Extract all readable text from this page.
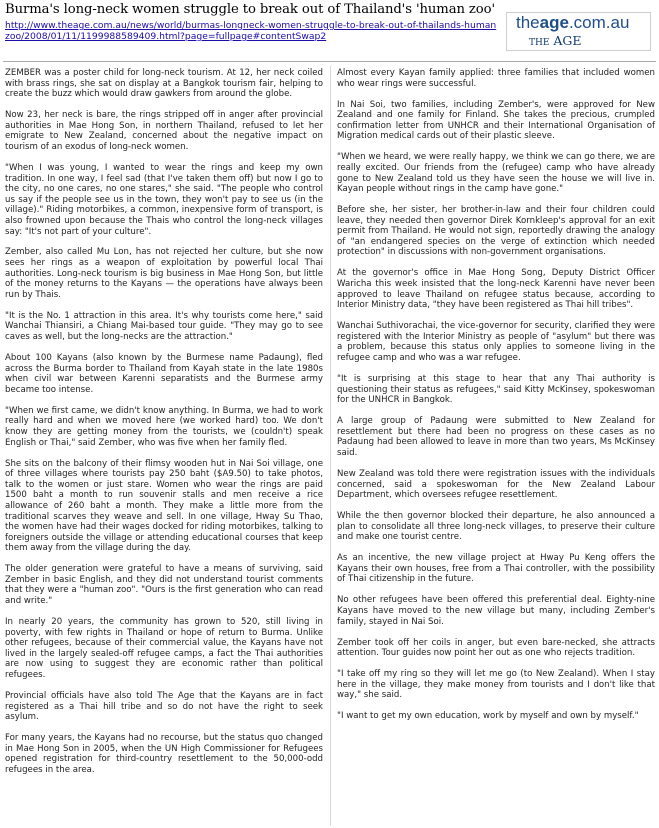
Burma's long-neck women struggle to break out of Thailand's 'human zoo'
http://www.theage.com.au/news/world/burmas-longneck-women-struggle-to-break-out-of-thailands-humanzoo/2008/01/11/1199988589409.html?page=fullpage#contentSwap2
theage.com.au
THE AGE

ZEMBER was a poster child for long-neck tourism. At 12, her neck coiled with brass rings, she sat on display at a Bangkok tourism fair, helping to create the buzz which would draw gawkers from around the globe.

Now 23, her neck is bare, the rings stripped off in anger after provincial authorities in Mae Hong Son, in northern Thailand, refused to let her emigrate to New Zealand, concerned about the negative impact on tourism of an exodus of long-neck women.

"When I was young, I wanted to wear the rings and keep my own tradition. In one way, I feel sad (that I've taken them off) but now I go to the city, no one cares, no one stares," she said. "The people who control us say if the people see us in the town, they won't pay to see us (in the village)." Riding motorbikes, a common, inexpensive form of transport, is also frowned upon because the Thais who control the long-neck villages say: "It's not part of your culture".

Zember, also called Mu Lon, has not rejected her culture, but she now sees her rings as a weapon of exploitation by powerful local Thai authorities. Long-neck tourism is big business in Mae Hong Son, but little of the money returns to the Kayans — the operations have always been run by Thais.

"It is the No. 1 attraction in this area. It's why tourists come here," said Wanchai Thiansiri, a Chiang Mai-based tour guide. "They may go to see caves as well, but the long-necks are the attraction."

About 100 Kayans (also known by the Burmese name Padaung), fled across the Burma border to Thailand from Kayah state in the late 1980s when civil war between Karenni separatists and the Burmese army became too intense.

"When we first came, we didn't know anything. In Burma, we had to work really hard and when we moved here (we worked hard) too. We don't know they are getting money from the tourists, we (couldn't) speak English or Thai," said Zember, who was five when her family fled.

She sits on the balcony of their flimsy wooden hut in Nai Soi village, one of three villages where tourists pay 250 baht ($A9.50) to take photos, talk to the women or just stare. Women who wear the rings are paid 1500 baht a month to run souvenir stalls and men receive a rice allowance of 260 baht a month. They make a little more from the traditional scarves they weave and sell. In one village, Hway Su Thao, the women have had their wages docked for riding motorbikes, talking to foreigners outside the village or attending educational courses that keep them away from the village during the day.

The older generation were grateful to have a means of surviving, said Zember in basic English, and they did not understand tourist comments that they were a "human zoo". "Ours is the first generation who can read and write."

In nearly 20 years, the community has grown to 520, still living in poverty, with few rights in Thailand or hope of return to Burma. Unlike other refugees, because of their commercial value, the Kayans have not lived in the largely sealed-off refugee camps, a fact the Thai authorities are now using to suggest they are economic rather than political refugees.

Provincial officials have also told The Age that the Kayans are in fact registered as a Thai hill tribe and so do not have the right to seek asylum.

For many years, the Kayans had no recourse, but the status quo changed in Mae Hong Son in 2005, when the UN High Commissioner for Refugees opened registration for third-country resettlement to the 50,000-odd refugees in the area.

Almost every Kayan family applied: three families that included women who wear rings were successful.

In Nai Soi, two families, including Zember's, were approved for New Zealand and one family for Finland. She takes the precious, crumpled confirmation letter from UNHCR and their International Organisation of Migration medical cards out of their plastic sleeve.

"When we heard, we were really happy, we think we can go there, we are really excited. Our friends from the (refugee) camp who have already gone to New Zealand told us they have seen the house we will live in. Kayan people without rings in the camp have gone."

Before she, her sister, her brother-in-law and their four children could leave, they needed then governor Direk Kornkleep's approval for an exit permit from Thailand. He would not sign, reportedly drawing the analogy of "an endangered species on the verge of extinction which needed protection" in discussions with non-government organisations.

At the governor's office in Mae Hong Song, Deputy District Officer Waricha this week insisted that the long-neck Karenni have never been approved to leave Thailand on refugee status because, according to Interior Ministry data, "they have been registered as Thai hill tribes".

Wanchai Suthivorachai, the vice-governor for security, clarified they were registered with the Interior Ministry as people of "asylum" but there was a problem, because this status only applies to someone living in the refugee camp and who was a war refugee.

"It is surprising at this stage to hear that any Thai authority is questioning their status as refugees," said Kitty McKinsey, spokeswoman for the UNHCR in Bangkok.

A large group of Padaung were submitted to New Zealand for resettlement but there had been no progress on these cases as no Padaung had been allowed to leave in more than two years, Ms McKinsey said.

New Zealand was told there were registration issues with the individuals concerned, said a spokeswoman for the New Zealand Labour Department, which oversees refugee resettlement.

While the then governor blocked their departure, he also announced a plan to consolidate all three long-neck villages, to preserve their culture and make one tourist centre.

As an incentive, the new village project at Hway Pu Keng offers the Kayans their own houses, free from a Thai controller, with the possibility of Thai citizenship in the future.

No other refugees have been offered this preferential deal. Eighty-nine Kayans have moved to the new village but many, including Zember's family, stayed in Nai Soi.

Zember took off her coils in anger, but even bare-necked, she attracts attention. Tour guides now point her out as one who rejects tradition.

"I take off my ring so they will let me go (to New Zealand). When I stay here in the village, they make money from tourists and I don't like that way," she said.

"I want to get my own education, work by myself and own by myself."
